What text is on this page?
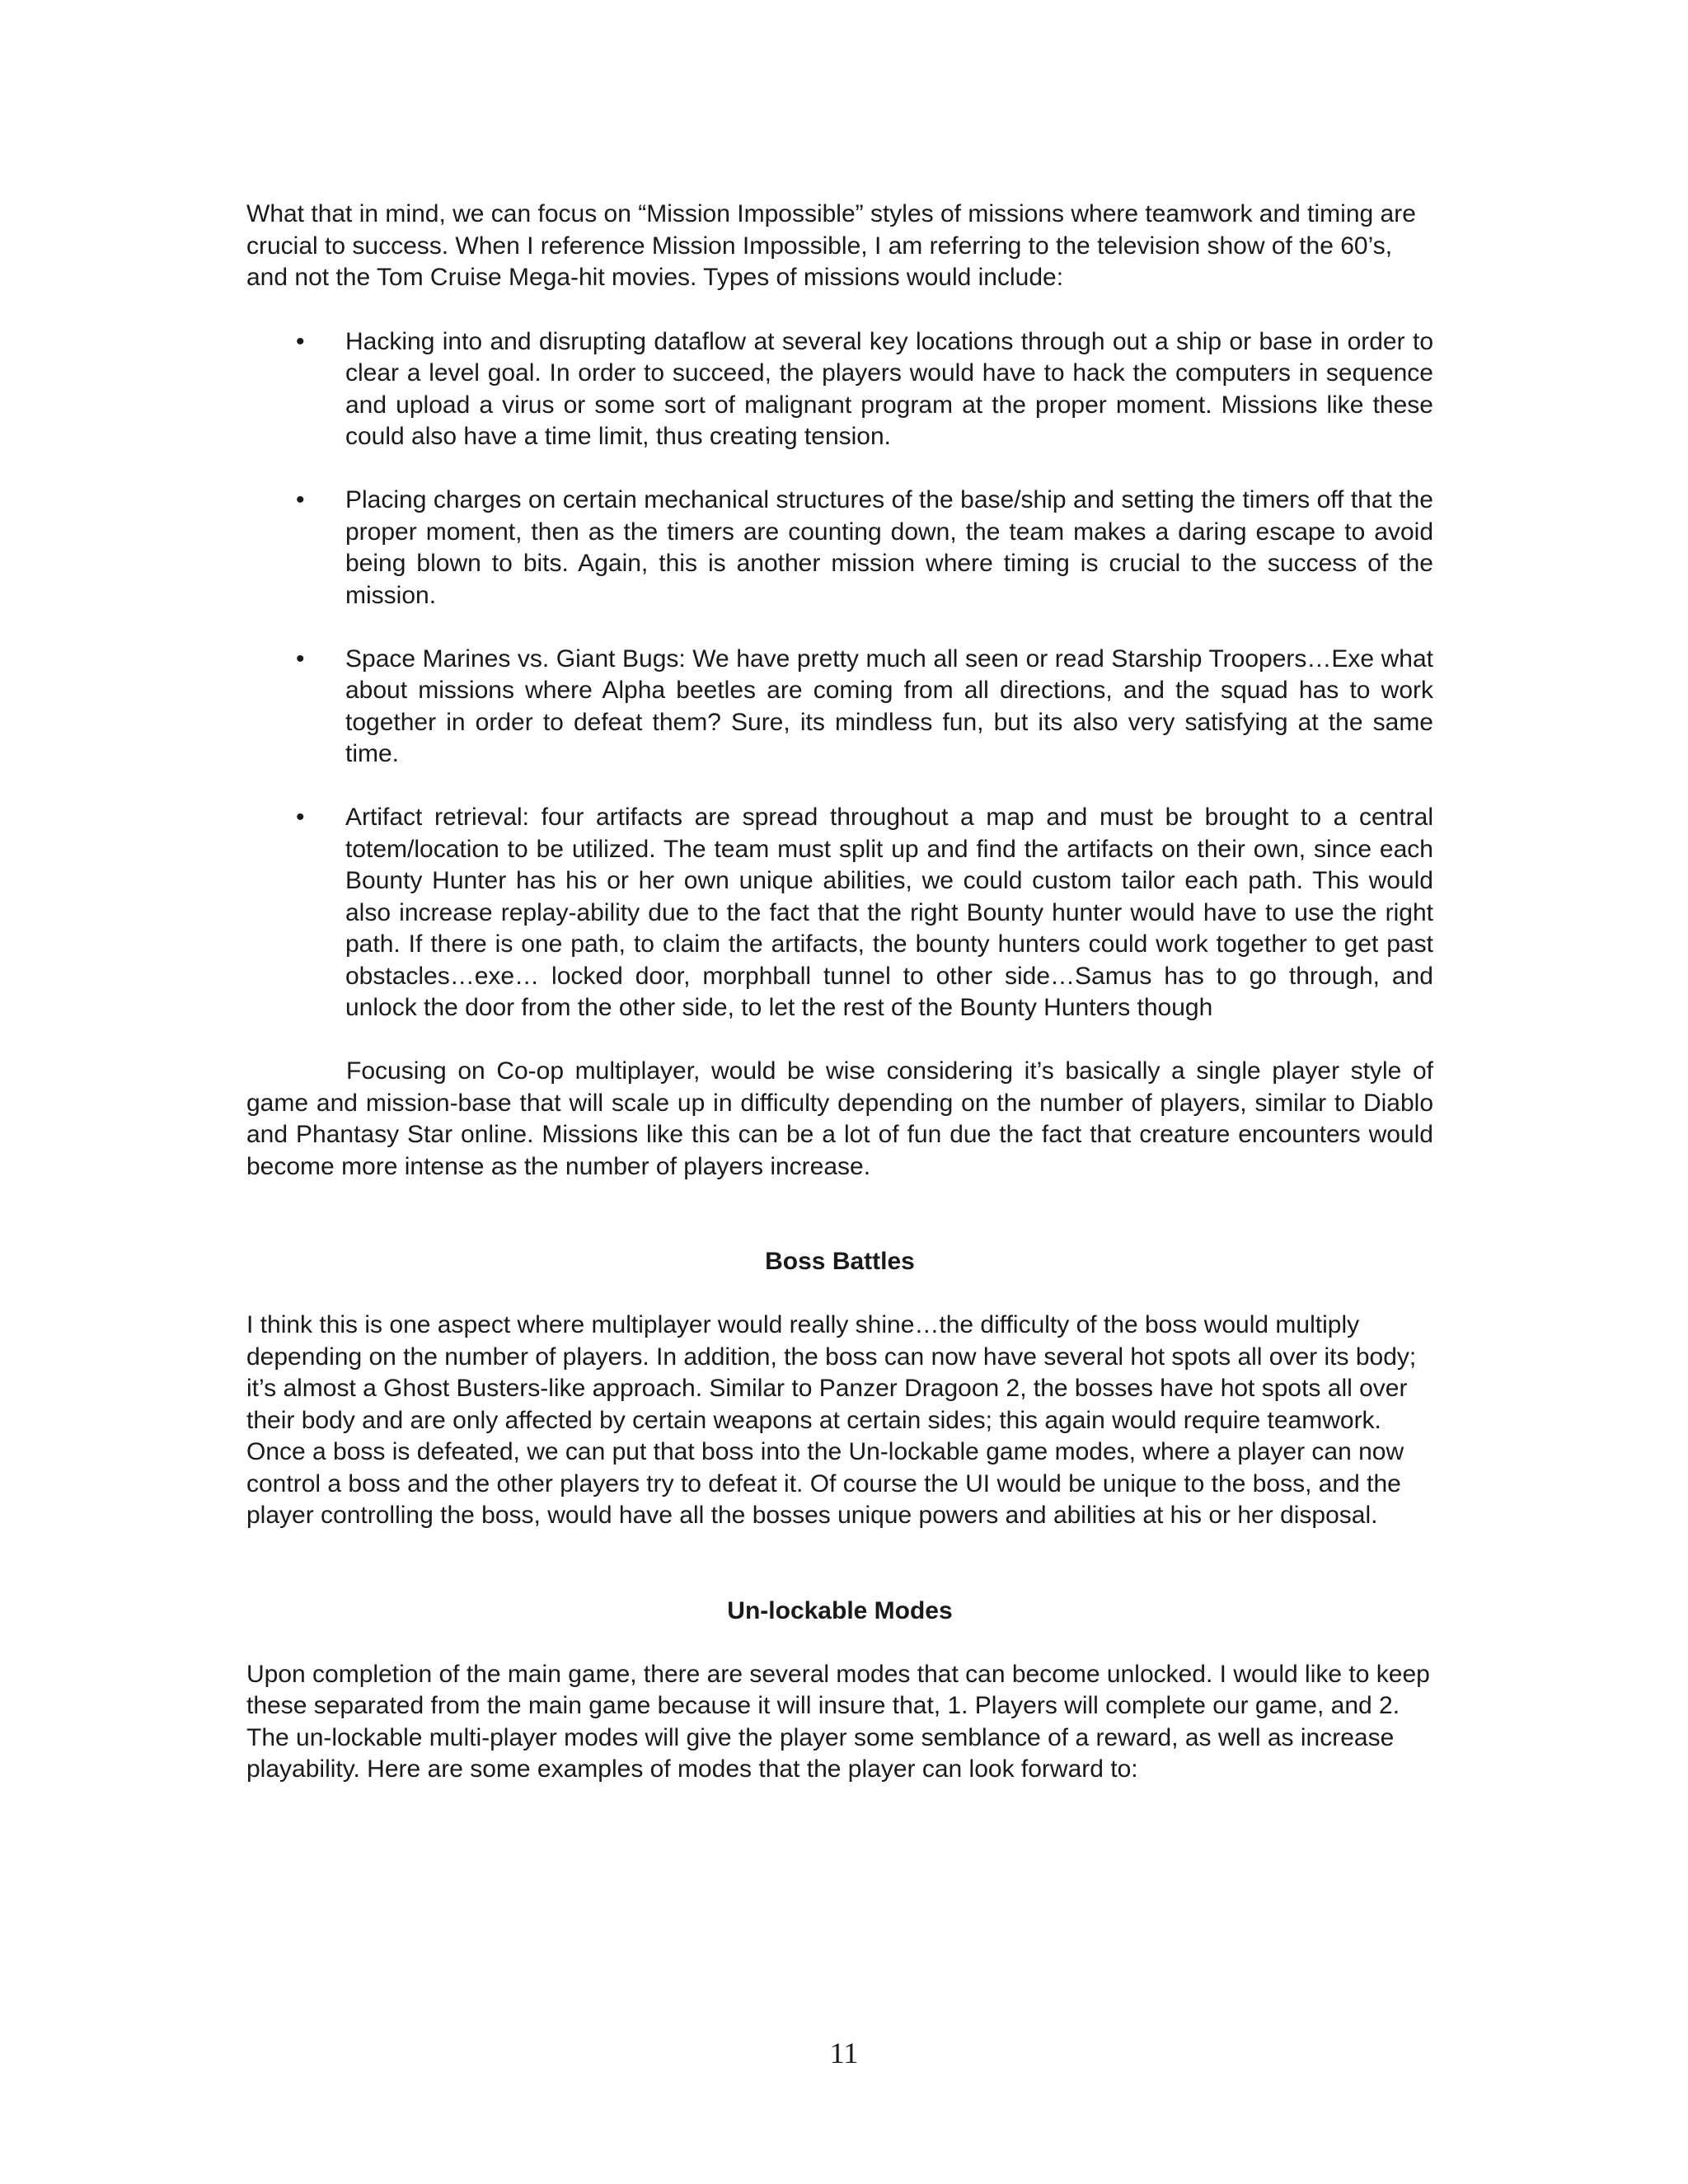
What that in mind, we can focus on “Mission Impossible” styles of missions where teamwork and timing are crucial to success. When I reference Mission Impossible, I am referring to the television show of the 60’s, and not the Tom Cruise Mega-hit movies. Types of missions would include:

• Hacking into and disrupting dataflow at several key locations through out a ship or base in order to clear a level goal. In order to succeed, the players would have to hack the computers in sequence and upload a virus or some sort of malignant program at the proper moment. Missions like these could also have a time limit, thus creating tension.
• Placing charges on certain mechanical structures of the base/ship and setting the timers off that the proper moment, then as the timers are counting down, the team makes a daring escape to avoid being blown to bits. Again, this is another mission where timing is crucial to the success of the mission.
• Space Marines vs. Giant Bugs: We have pretty much all seen or read Starship Troopers…Exe what about missions where Alpha beetles are coming from all directions, and the squad has to work together in order to defeat them? Sure, its mindless fun, but its also very satisfying at the same time.
• Artifact retrieval: four artifacts are spread throughout a map and must be brought to a central totem/location to be utilized. The team must split up and find the artifacts on their own, since each Bounty Hunter has his or her own unique abilities, we could custom tailor each path. This would also increase replay-ability due to the fact that the right Bounty hunter would have to use the right path. If there is one path, to claim the artifacts, the bounty hunters could work together to get past obstacles…exe… locked door, morphball tunnel to other side…Samus has to go through, and unlock the door from the other side, to let the rest of the Bounty Hunters though

Focusing on Co-op multiplayer, would be wise considering it’s basically a single player style of game and mission-base that will scale up in difficulty depending on the number of players, similar to Diablo and Phantasy Star online. Missions like this can be a lot of fun due the fact that creature encounters would become more intense as the number of players increase.

Boss Battles

I think this is one aspect where multiplayer would really shine…the difficulty of the boss would multiply depending on the number of players. In addition, the boss can now have several hot spots all over its body; it’s almost a Ghost Busters-like approach. Similar to Panzer Dragoon 2, the bosses have hot spots all over their body and are only affected by certain weapons at certain sides; this again would require teamwork. Once a boss is defeated, we can put that boss into the Un-lockable game modes, where a player can now control a boss and the other players try to defeat it. Of course the UI would be unique to the boss, and the player controlling the boss, would have all the bosses unique powers and abilities at his or her disposal.

Un-lockable Modes

Upon completion of the main game, there are several modes that can become unlocked. I would like to keep these separated from the main game because it will insure that, 1. Players will complete our game, and 2. The un-lockable multi-player modes will give the player some semblance of a reward, as well as increase playability. Here are some examples of modes that the player can look forward to:

11
